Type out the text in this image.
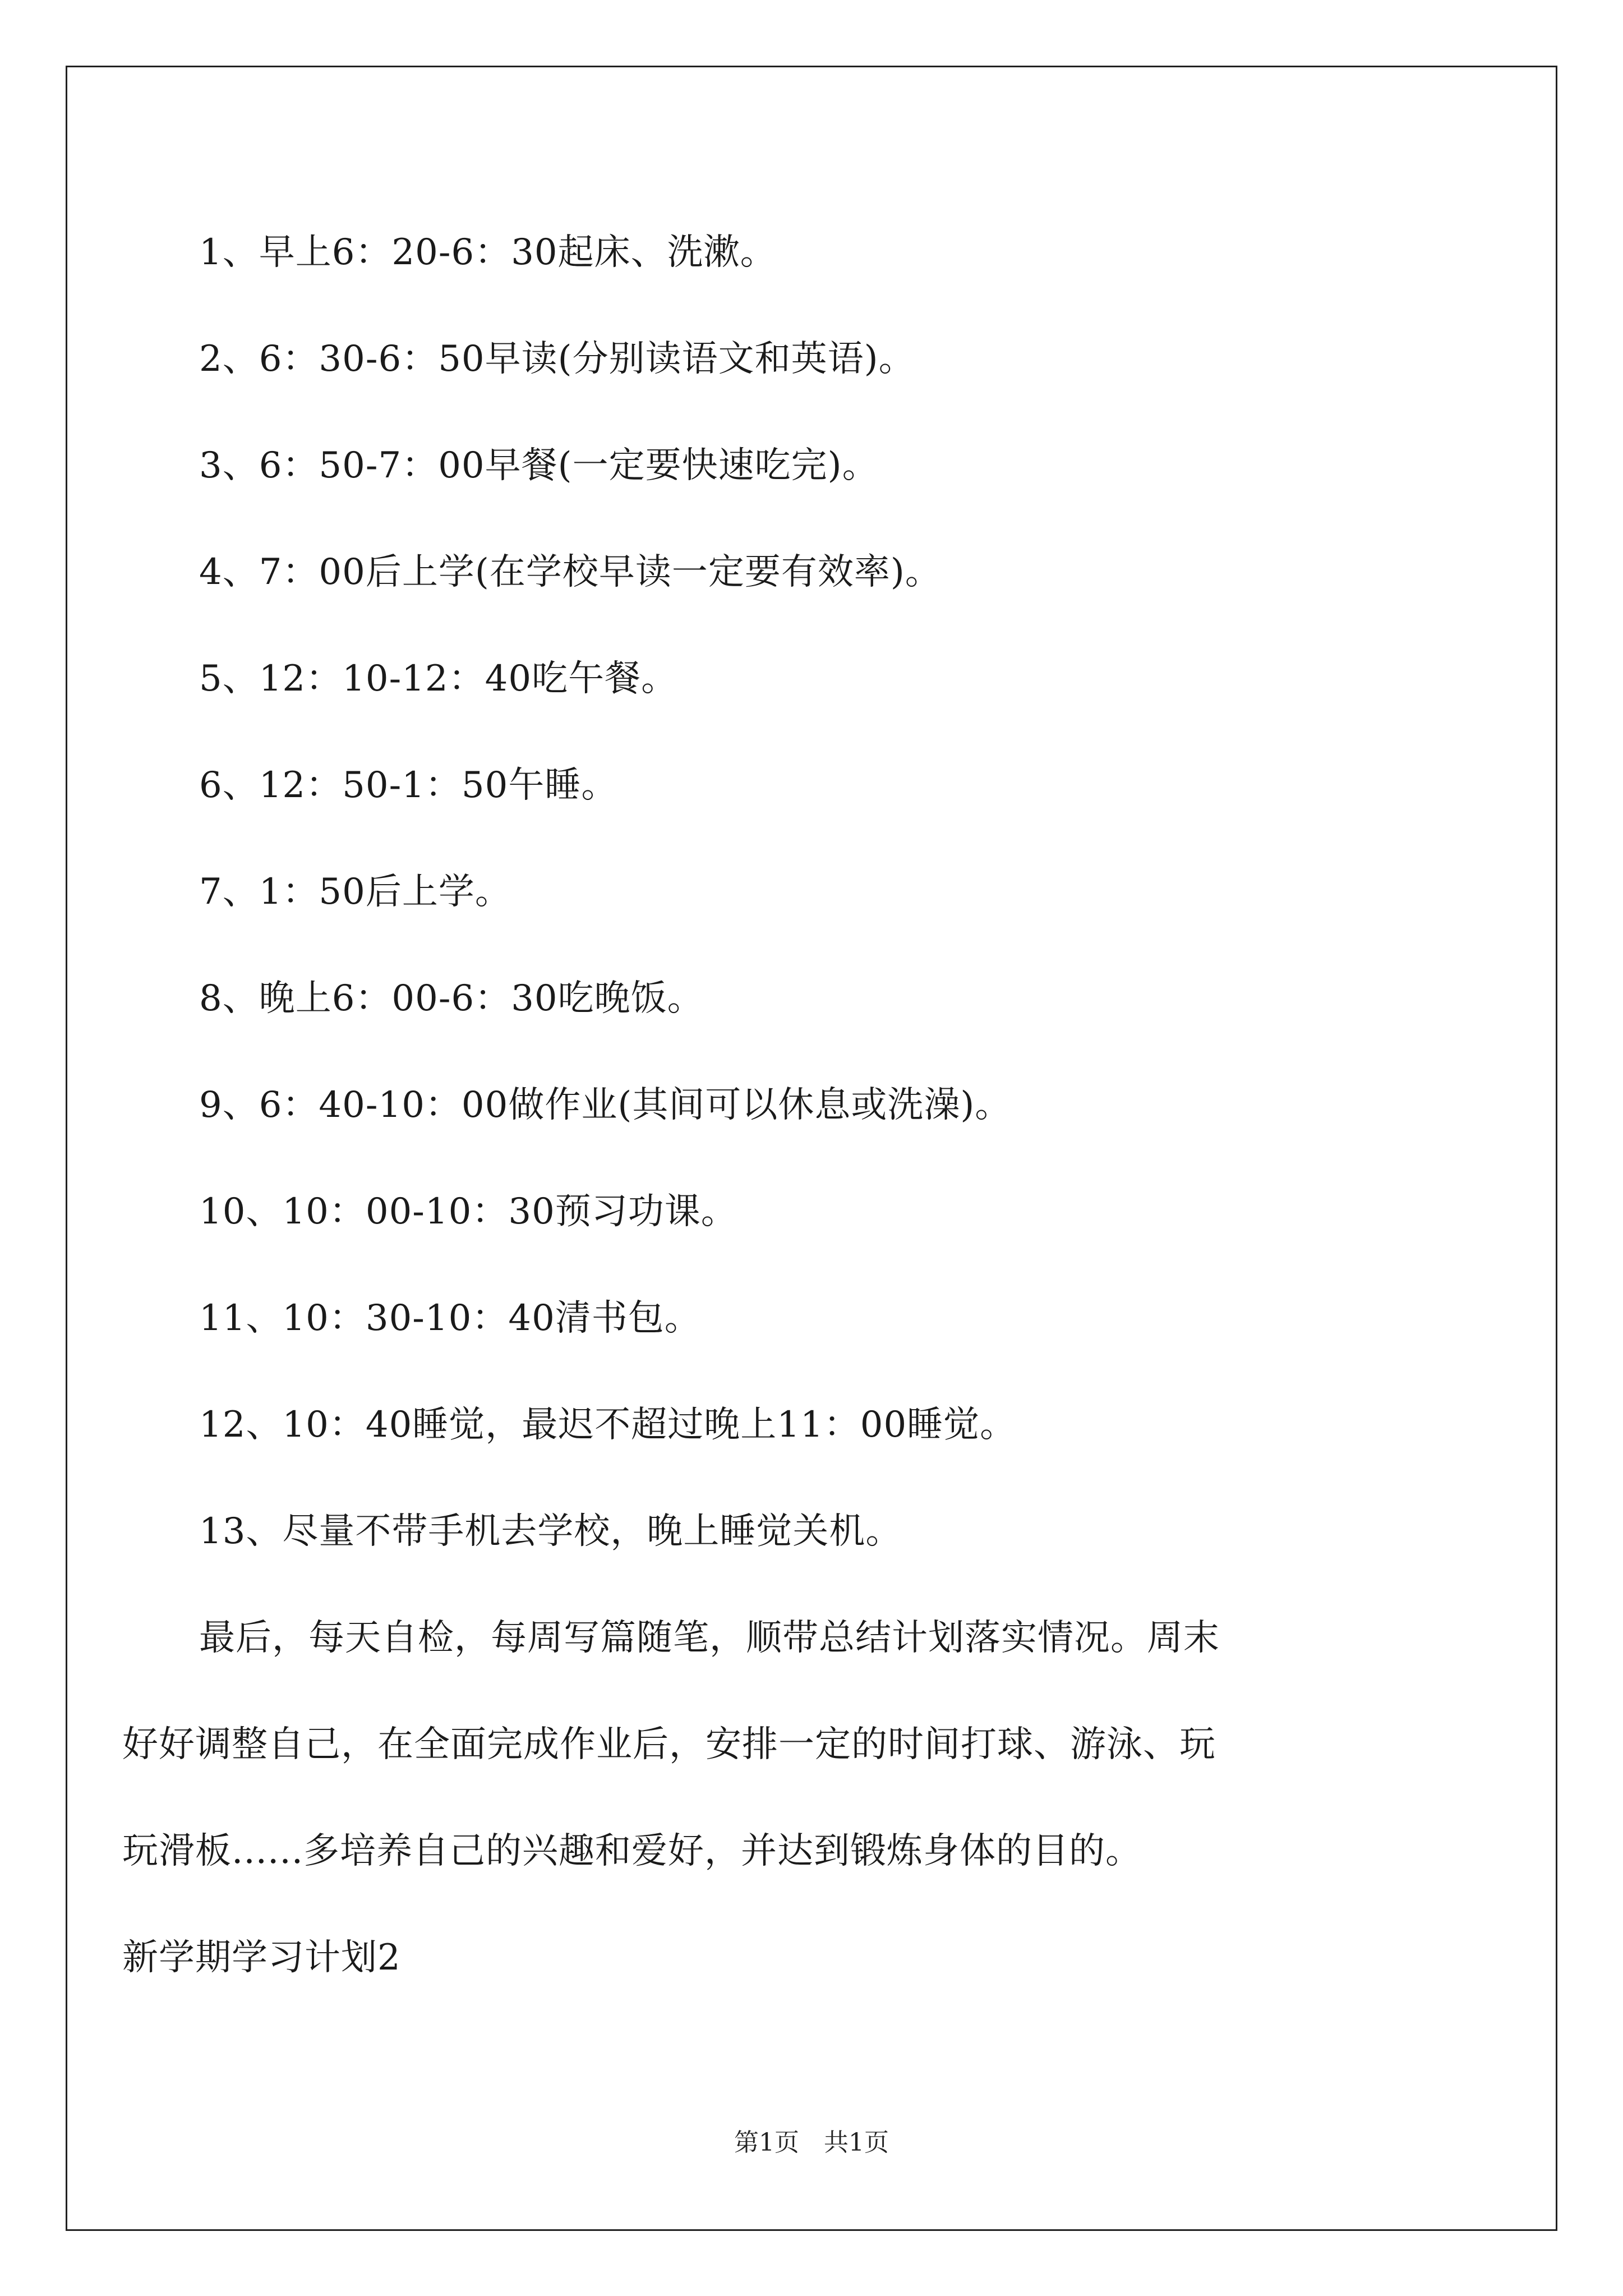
1、早上6：20-6：30起床、洗漱。
2、6：30-6：50早读(分别读语文和英语)。
3、6：50-7：00早餐(一定要快速吃完)。
4、7：00后上学(在学校早读一定要有效率)。
5、12：10-12：40吃午餐。
6、12：50-1：50午睡。
7、1：50后上学。
8、晚上6：00-6：30吃晚饭。
9、6：40-10：00做作业(其间可以休息或洗澡)。
10、10：00-10：30预习功课。
11、10：30-10：40清书包。
12、10：40睡觉，最迟不超过晚上11：00睡觉。
13、尽量不带手机去学校，晚上睡觉关机。
最后，每天自检，每周写篇随笔，顺带总结计划落实情况。周末
好好调整自己，在全面完成作业后，安排一定的时间打球、游泳、玩
玩滑板......多培养自己的兴趣和爱好，并达到锻炼身体的目的。
新学期学习计划2
第1页　共1页
